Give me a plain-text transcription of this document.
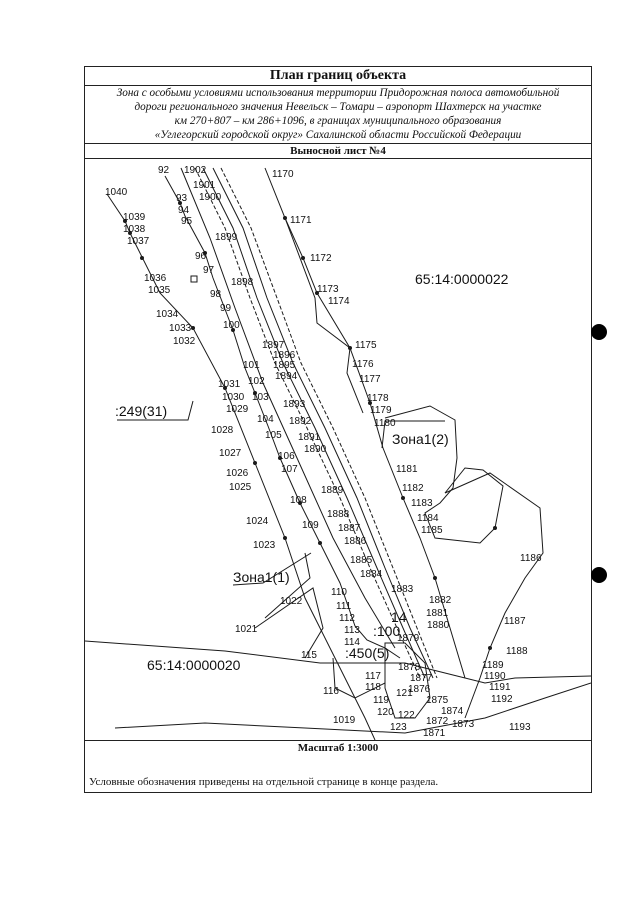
План границ объекта
Зона с особыми условиями использования территории Придорожная полоса автомобильной
дороги регионального значения Невельск – Томари – аэропорт Шахтерск на участке
км 270+807 – км 286+1096, в границах муниципального образования
«Углегорский городской округ» Сахалинской области Российской Федерации
Выносной лист №4
1040
1039
1038
1037
1036
1035
1034
1033
1032
1031
1030
1029
1028
1027
1026
1025
1024
1023
1022
1021
1019
92
93
94
95
96
97
98
99
100
101
102
103
104
105
106
107
108
109
110
111
112
113
114
115
116
117
118
119
120
121
122
123
1902
1901
1900
1899
1898
1897
1896
1895
1894
1893
1892
1891
1890
1889
1888
1887
1886
1885
1884
1883
1882
1881
1880
1879
1878
1877
1876
1875
1874
1873
1872
1871
1170
1171
1172
1173
1174
1175
1176
1177
1178
1179
1180
1181
1182
1183
1184
1185
1186
1187
1188
1189
1190
1191
1192
1193
65:14:0000022
65:14:0000020
:249(31)
:450(5)
14
:100
Зона1(1)
Зона1(2)
Масштаб 1:3000
Условные обозначения приведены на отдельной странице в конце раздела.
